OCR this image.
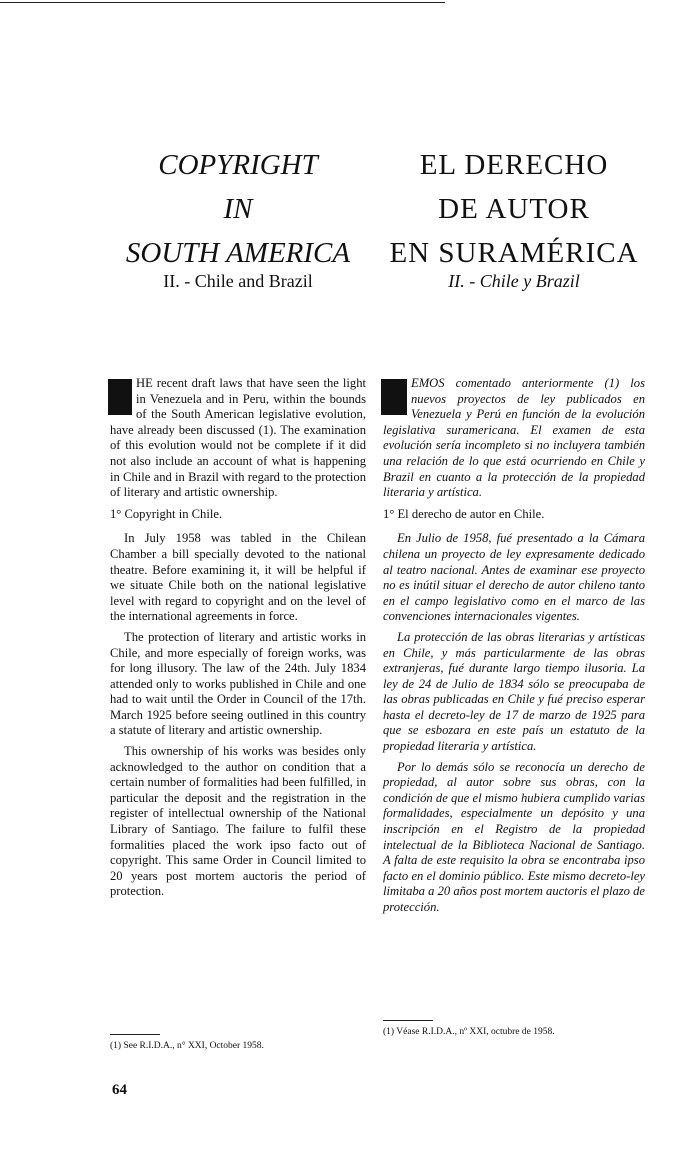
COPYRIGHT
IN
SOUTH AMERICA

II. - Chile and Brazil

HE recent draft laws that have seen the light in Venezuela and in Peru, within the bounds of the South American legislative evolution, have already been discussed (1). The examination of this evolution would not be complete if it did not also include an account of what is happening in Chile and in Brazil with regard to the protection of literary and artistic ownership.

1° Copyright in Chile.

In July 1958 was tabled in the Chilean Chamber a bill specially devoted to the national theatre. Before examining it, it will be helpful if we situate Chile both on the national legislative level with regard to copyright and on the level of the international agreements in force.

The protection of literary and artistic works in Chile, and more especially of foreign works, was for long illusory. The law of the 24th. July 1834 attended only to works published in Chile and one had to wait until the Order in Council of the 17th. March 1925 before seeing outlined in this country a statute of literary and artistic ownership.

This ownership of his works was besides only acknowledged to the author on condition that a certain number of formalities had been fulfilled, in particular the deposit and the registration in the register of intellectual ownership of the National Library of Santiago. The failure to fulfil these formalities placed the work ipso facto out of copyright. This same Order in Council limited to 20 years post mortem auctoris the period of protection.

(1) See R.I.D.A., n° XXI, October 1958.
EL DERECHO
DE AUTOR
EN SURAMÉRICA

II. - Chile y Brazil

EMOS comentado anteriormente (1) los nuevos proyectos de ley publicados en Venezuela y Perú en función de la evolución legislativa suramericana. El examen de esta evolución sería incompleto si no incluyera también una relación de lo que está ocurriendo en Chile y Brazil en cuanto a la protección de la propiedad literaria y artística.

1° El derecho de autor en Chile.

En Julio de 1958, fué presentado a la Cámara chilena un proyecto de ley expresamente dedicado al teatro nacional. Antes de examinar ese proyecto no es inútil situar el derecho de autor chileno tanto en el campo legislativo como en el marco de las convenciones internacionales vigentes.

La protección de las obras literarias y artísticas en Chile, y más particularmente de las obras extranjeras, fué durante largo tiempo ilusoria. La ley de 24 de Julio de 1834 sólo se preocupaba de las obras publicadas en Chile y fué preciso esperar hasta el decreto-ley de 17 de marzo de 1925 para que se esbozara en este país un estatuto de la propiedad literaria y artística.

Por lo demás sólo se reconocía un derecho de propiedad, al autor sobre sus obras, con la condición de que el mismo hubiera cumplido varias formalidades, especialmente un depósito y una inscripción en el Registro de la propiedad intelectual de la Biblioteca Nacional de Santiago. A falta de este requisito la obra se encontraba ipso facto en el dominio público. Este mismo decreto-ley limitaba a 20 años post mortem auctoris el plazo de protección.

(1) Véase R.I.D.A., nº XXI, octubre de 1958.
64
